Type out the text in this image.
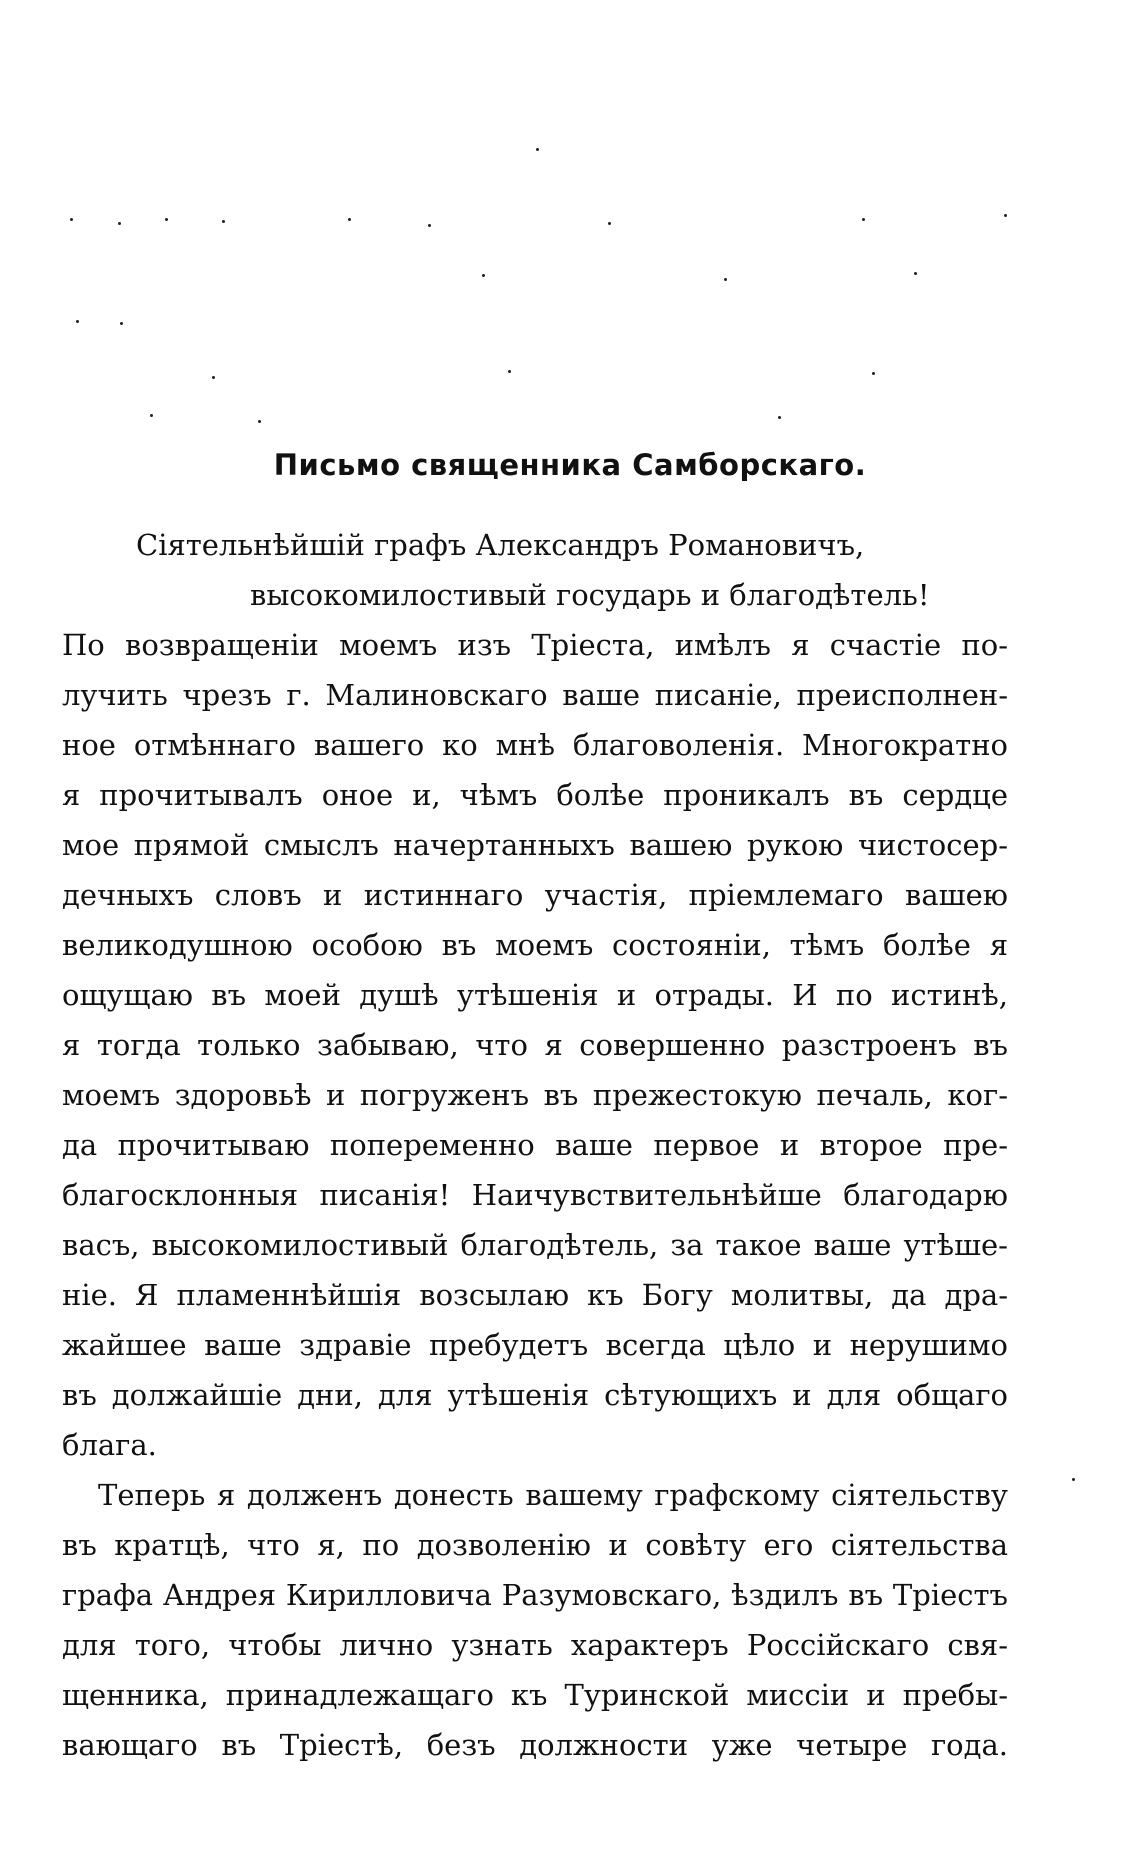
Письмо священника Самборскаго.
Сіятельнѣйшій графъ Александръ Романовичъ,
высокомилостивый государь и благодѣтель!
По возвращеніи моемъ изъ Тріеста, имѣлъ я счастіе по-
лучить чрезъ г. Малиновскаго ваше писаніе, преисполнен-
ное отмѣннаго вашего ко мнѣ благоволенія. Многократно
я прочитывалъ оное и, чѣмъ болѣе проникалъ въ сердце
мое прямой смыслъ начертанныхъ вашею рукою чистосер-
дечныхъ словъ и истиннаго участія, пріемлемаго вашею
великодушною особою въ моемъ состояніи, тѣмъ болѣе я
ощущаю въ моей душѣ утѣшенія и отрады. И по истинѣ,
я тогда только забываю, что я совершенно разстроенъ въ
моемъ здоровьѣ и погруженъ въ прежестокую печаль, ког-
да прочитываю попеременно ваше первое и второе пре-
благосклонныя писанія! Наичувствительнѣйше благодарю
васъ, высокомилостивый благодѣтель, за такое ваше утѣше-
ніе. Я пламеннѣйшія возсылаю къ Богу молитвы, да дра-
жайшее ваше здравіе пребудетъ всегда цѣло и нерушимо
въ должайшіе дни, для утѣшенія сѣтующихъ и для общаго
блага.
Теперь я долженъ донесть вашему графскому сіятельству
въ кратцѣ, что я, по дозволенію и совѣту его сіятельства
графа Андрея Кирилловича Разумовскаго, ѣздилъ въ Тріестъ
для того, чтобы лично узнать характеръ Россійскаго свя-
щенника, принадлежащаго къ Туринской миссіи и пребы-
вающаго въ Тріестѣ, безъ должности уже четыре года.
